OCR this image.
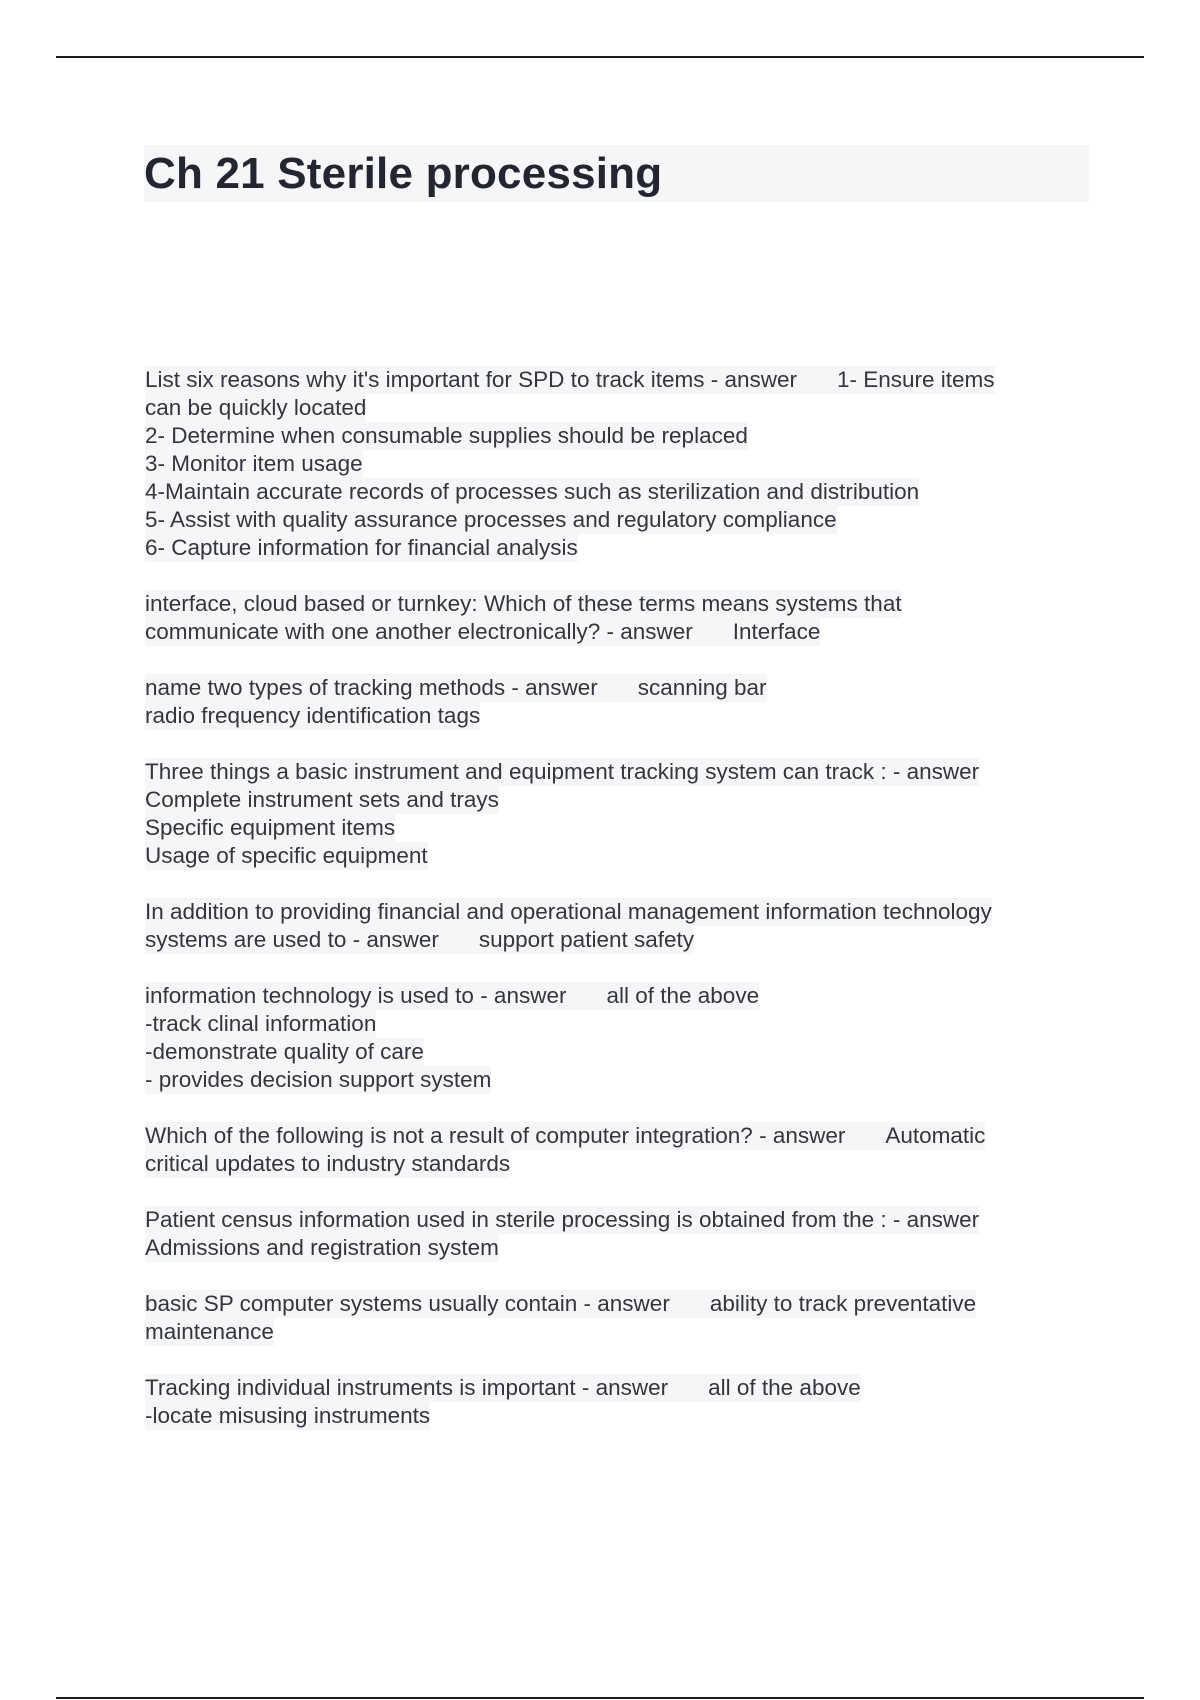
Ch 21 Sterile processing
List six reasons why it's important for SPD to track items - answer 1- Ensure items
can be quickly located
2- Determine when consumable supplies should be replaced
3- Monitor item usage
4-Maintain accurate records of processes such as sterilization and distribution
5- Assist with quality assurance processes and regulatory compliance
6- Capture information for financial analysis
interface, cloud based or turnkey: Which of these terms means systems that
communicate with one another electronically? - answer Interface
name two types of tracking methods - answer scanning bar
radio frequency identification tags
Three things a basic instrument and equipment tracking system can track : - answer
Complete instrument sets and trays
Specific equipment items
Usage of specific equipment
In addition to providing financial and operational management information technology
systems are used to - answer support patient safety
information technology is used to - answer all of the above
-track clinal information
-demonstrate quality of care
- provides decision support system
Which of the following is not a result of computer integration? - answer Automatic
critical updates to industry standards
Patient census information used in sterile processing is obtained from the : - answer
Admissions and registration system
basic SP computer systems usually contain - answer ability to track preventative
maintenance
Tracking individual instruments is important - answer all of the above
-locate misusing instruments
